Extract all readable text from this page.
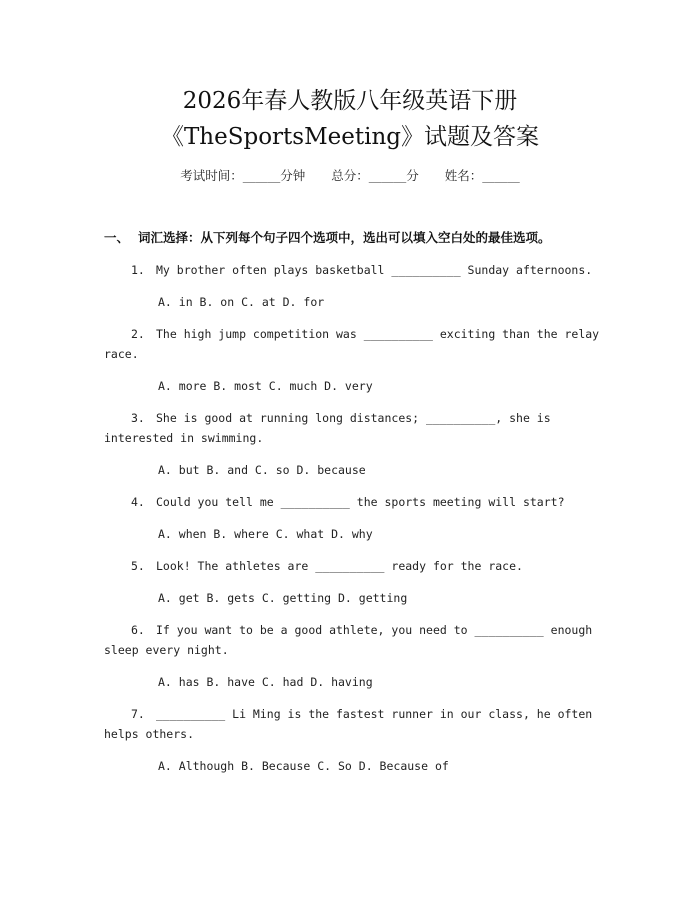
2026年春人教版八年级英语下册
《TheSportsMeeting》试题及答案
考试时间：______分钟 总分：______分 姓名：______
一、 词汇选择：从下列每个句子四个选项中，选出可以填入空白处的最佳选项。
1. My brother often plays basketball __________ Sunday afternoons.
A. in B. on C. at D. for
2. The high jump competition was __________ exciting than the relay race.
A. more B. most C. much D. very
3. She is good at running long distances; __________, she is interested in swimming.
A. but B. and C. so D. because
4. Could you tell me __________ the sports meeting will start?
A. when B. where C. what D. why
5. Look! The athletes are __________ ready for the race.
A. get B. gets C. getting D. getting
6. If you want to be a good athlete, you need to __________ enough sleep every night.
A. has B. have C. had D. having
7. __________ Li Ming is the fastest runner in our class, he often helps others.
A. Although B. Because C. So D. Because of
